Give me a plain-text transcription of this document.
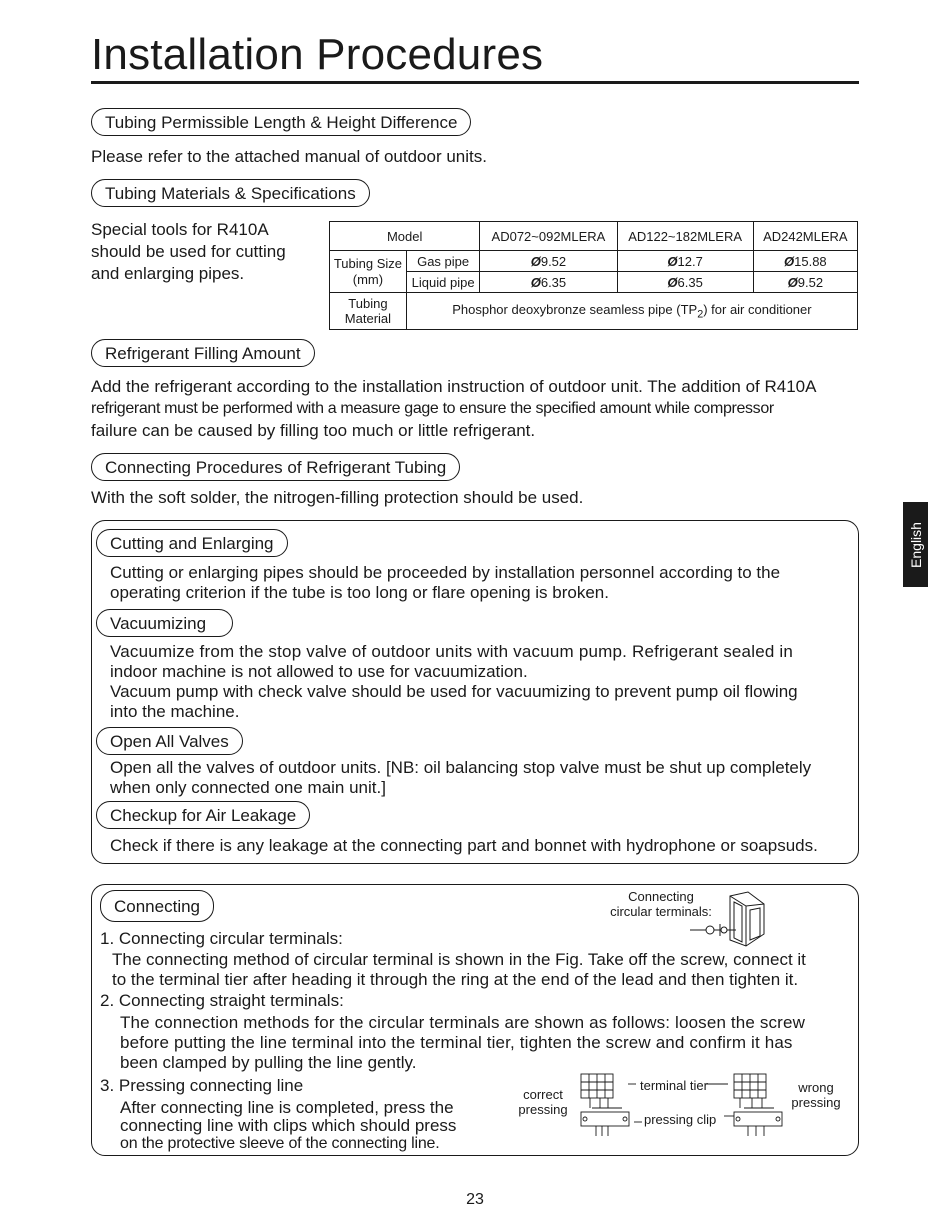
Installation Procedures
English
Tubing Permissible Length & Height Difference
Please refer to the attached manual of outdoor units.
Tubing Materials & Specifications
Special tools for R410A should be used for cutting and enlarging pipes.
Model		AD072~092MLERA	AD122~182MLERA	AD242MLERA
Tubing Size (mm)	Gas pipe	Ø9.52	Ø12.7	Ø15.88
	Liquid pipe	Ø6.35	Ø6.35	Ø9.52
Tubing Material	Phosphor deoxybronze seamless pipe $(TP_2)$ for air conditioner			
Refrigerant Filling Amount
Add the refrigerant according to the installation instruction of outdoor unit. The addition of R410A
refrigerant must be performed with a measure gage to ensure the specified amount while compressor
failure can be caused by filling too much or little refrigerant.
Connecting Procedures of Refrigerant Tubing
With the soft solder, the nitrogen-filling protection should be used.
Cutting and Enlarging
Cutting or enlarging pipes should be proceeded by installation personnel according to the
operating criterion if the tube is too long or flare opening is broken.
Vacuumizing
Vacuumize from the stop valve of outdoor units with vacuum pump. Refrigerant sealed in
indoor machine is not allowed to use for vacuumization.
Vacuum pump with check valve should be used for vacuumizing to prevent pump oil flowing
into the machine.
Open All Valves
Open all the valves of outdoor units. [NB: oil balancing stop valve must be shut up completely
when only connected one main unit.]
Checkup for Air Leakage
Check if there is any leakage at the connecting part and bonnet with hydrophone or soapsuds.
Connecting
Connecting
circular terminals:
1. Connecting circular terminals:
The connecting method of circular terminal is shown in the Fig. Take off the screw, connect it
to the terminal tier after heading it through the ring at the end of the lead and then tighten it.
2. Connecting straight terminals:
The connection methods for the circular terminals are shown as follows: loosen the screw
before putting the line terminal into the terminal tier, tighten the screw and confirm it has
been clamped by pulling the line gently.
3. Pressing connecting line
After connecting line is completed, press the
connecting line with clips which should press
on the protective sleeve of the connecting line.
correct
pressing
wrong
pressing
terminal tier
pressing clip
23
